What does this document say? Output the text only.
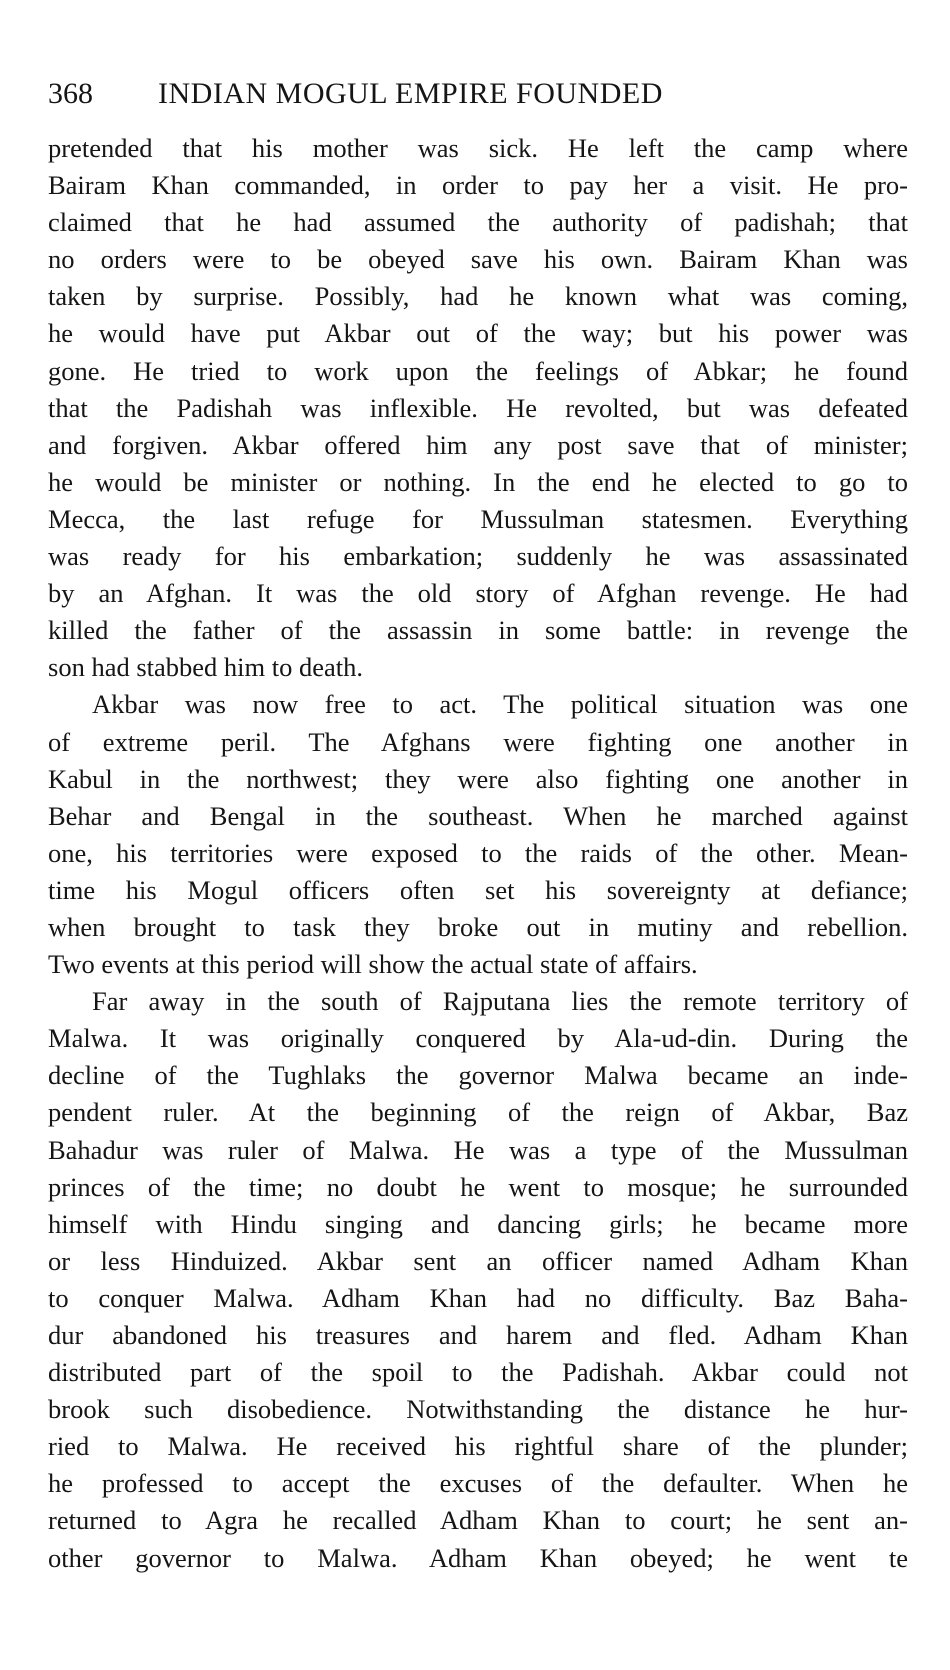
368 INDIAN MOGUL EMPIRE FOUNDED
pretended that his mother was sick. He left the camp where
Bairam Khan commanded, in order to pay her a visit. He pro-
claimed that he had assumed the authority of padishah; that
no orders were to be obeyed save his own. Bairam Khan was
taken by surprise. Possibly, had he known what was coming,
he would have put Akbar out of the way; but his power was
gone. He tried to work upon the feelings of Abkar; he found
that the Padishah was inflexible. He revolted, but was defeated
and forgiven. Akbar offered him any post save that of minister;
he would be minister or nothing. In the end he elected to go to
Mecca, the last refuge for Mussulman statesmen. Everything
was ready for his embarkation; suddenly he was assassinated
by an Afghan. It was the old story of Afghan revenge. He had
killed the father of the assassin in some battle: in revenge the
son had stabbed him to death.
Akbar was now free to act. The political situation was one
of extreme peril. The Afghans were fighting one another in
Kabul in the northwest; they were also fighting one another in
Behar and Bengal in the southeast. When he marched against
one, his territories were exposed to the raids of the other. Mean-
time his Mogul officers often set his sovereignty at defiance;
when brought to task they broke out in mutiny and rebellion.
Two events at this period will show the actual state of affairs.
Far away in the south of Rajputana lies the remote territory of
Malwa. It was originally conquered by Ala-ud-din. During the
decline of the Tughlaks the governor Malwa became an inde-
pendent ruler. At the beginning of the reign of Akbar, Baz
Bahadur was ruler of Malwa. He was a type of the Mussulman
princes of the time; no doubt he went to mosque; he surrounded
himself with Hindu singing and dancing girls; he became more
or less Hinduized. Akbar sent an officer named Adham Khan
to conquer Malwa. Adham Khan had no difficulty. Baz Baha-
dur abandoned his treasures and harem and fled. Adham Khan
distributed part of the spoil to the Padishah. Akbar could not
brook such disobedience. Notwithstanding the distance he hur-
ried to Malwa. He received his rightful share of the plunder;
he professed to accept the excuses of the defaulter. When he
returned to Agra he recalled Adham Khan to court; he sent an-
other governor to Malwa. Adham Khan obeyed; he went te
